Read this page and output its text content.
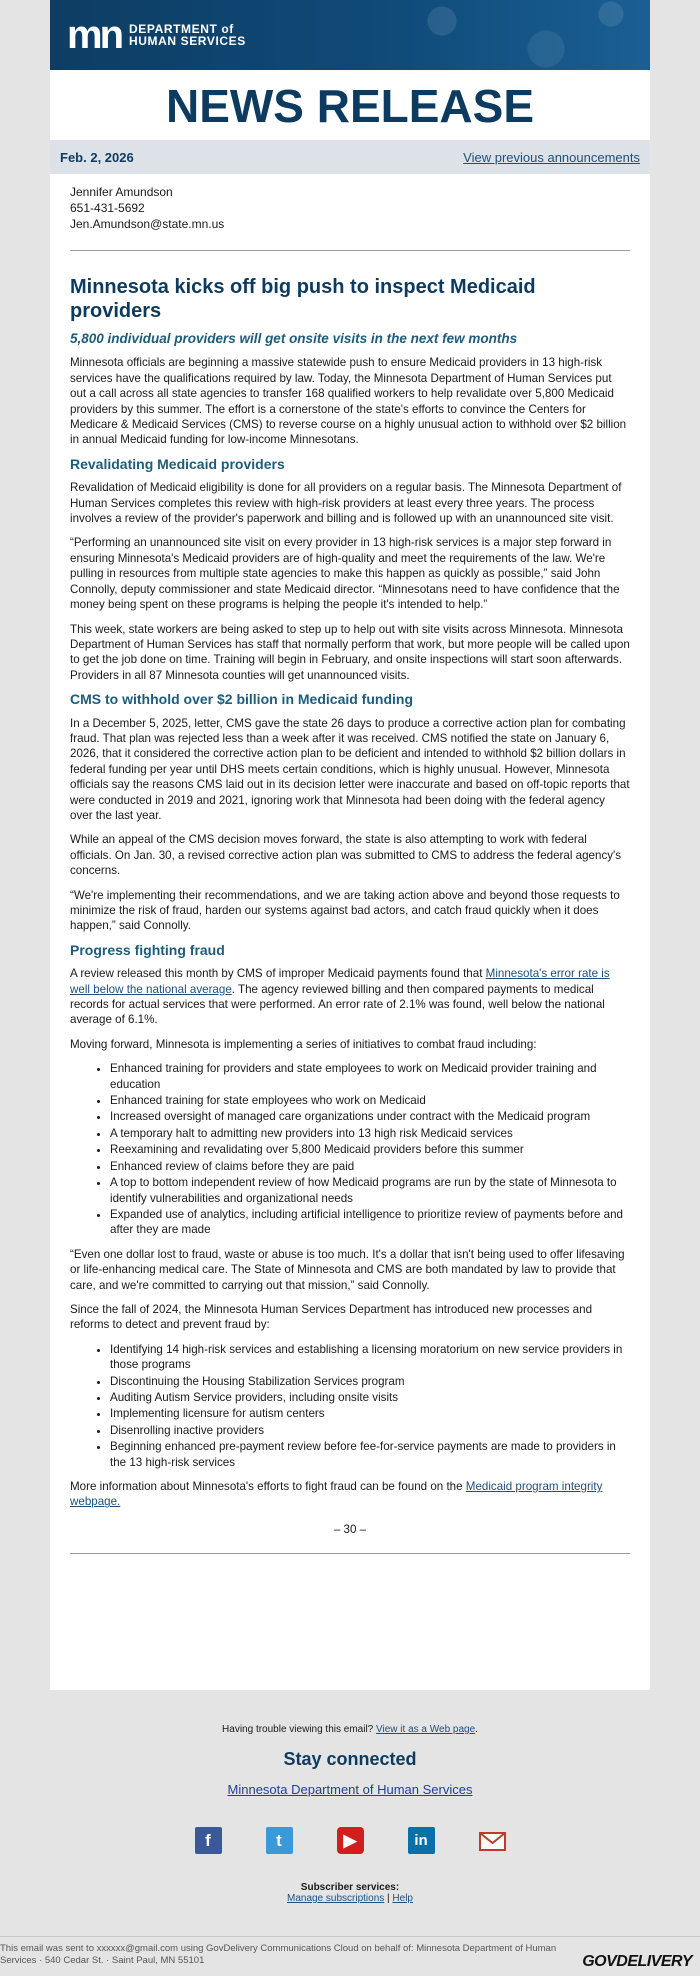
mn DEPARTMENT of
HUMAN SERVICES
NEWS RELEASE
Feb. 2, 2026	View previous announcements
Jennifer Amundson
651-431-5692
Jen.Amundson@state.mn.us
Minnesota kicks off big push to inspect Medicaid providers
5,800 individual providers will get onsite visits in the next few months

Minnesota officials are beginning a massive statewide push to ensure Medicaid providers in 13 high-risk services have the qualifications required by law. Today, the Minnesota Department of Human Services put out a call across all state agencies to transfer 168 qualified workers to help revalidate over 5,800 Medicaid providers by this summer. The effort is a cornerstone of the state's efforts to convince the Centers for Medicare & Medicaid Services (CMS) to reverse course on a highly unusual action to withhold over $2 billion in annual Medicaid funding for low-income Minnesotans.

Revalidating Medicaid providers

Revalidation of Medicaid eligibility is done for all providers on a regular basis. The Minnesota Department of Human Services completes this review with high-risk providers at least every three years. The process involves a review of the provider's paperwork and billing and is followed up with an unannounced site visit.

“Performing an unannounced site visit on every provider in 13 high-risk services is a major step forward in ensuring Minnesota's Medicaid providers are of high-quality and meet the requirements of the law. We're pulling in resources from multiple state agencies to make this happen as quickly as possible,” said John Connolly, deputy commissioner and state Medicaid director. “Minnesotans need to have confidence that the money being spent on these programs is helping the people it's intended to help.”

This week, state workers are being asked to step up to help out with site visits across Minnesota. Minnesota Department of Human Services has staff that normally perform that work, but more people will be called upon to get the job done on time. Training will begin in February, and onsite inspections will start soon afterwards. Providers in all 87 Minnesota counties will get unannounced visits.

CMS to withhold over $2 billion in Medicaid funding

In a December 5, 2025, letter, CMS gave the state 26 days to produce a corrective action plan for combating fraud. That plan was rejected less than a week after it was received. CMS notified the state on January 6, 2026, that it considered the corrective action plan to be deficient and intended to withhold $2 billion dollars in federal funding per year until DHS meets certain conditions, which is highly unusual. However, Minnesota officials say the reasons CMS laid out in its decision letter were inaccurate and based on off-topic reports that were conducted in 2019 and 2021, ignoring work that Minnesota had been doing with the federal agency over the last year.

While an appeal of the CMS decision moves forward, the state is also attempting to work with federal officials. On Jan. 30, a revised corrective action plan was submitted to CMS to address the federal agency's concerns.

“We're implementing their recommendations, and we are taking action above and beyond those requests to minimize the risk of fraud, harden our systems against bad actors, and catch fraud quickly when it does happen,” said Connolly.

Progress fighting fraud

A review released this month by CMS of improper Medicaid payments found that Minnesota's error rate is well below the national average. The agency reviewed billing and then compared payments to medical records for actual services that were performed. An error rate of 2.1% was found, well below the national average of 6.1%.

Moving forward, Minnesota is implementing a series of initiatives to combat fraud including:

• Enhanced training for providers and state employees to work on Medicaid provider training and education
• Enhanced training for state employees who work on Medicaid
• Increased oversight of managed care organizations under contract with the Medicaid program
• A temporary halt to admitting new providers into 13 high risk Medicaid services
• Reexamining and revalidating over 5,800 Medicaid providers before this summer
• Enhanced review of claims before they are paid
• A top to bottom independent review of how Medicaid programs are run by the state of Minnesota to identify vulnerabilities and organizational needs
• Expanded use of analytics, including artificial intelligence to prioritize review of payments before and after they are made

“Even one dollar lost to fraud, waste or abuse is too much. It's a dollar that isn't being used to offer lifesaving or life-enhancing medical care. The State of Minnesota and CMS are both mandated by law to provide that care, and we're committed to carrying out that mission,” said Connolly.

Since the fall of 2024, the Minnesota Human Services Department has introduced new processes and reforms to detect and prevent fraud by:

• Identifying 14 high-risk services and establishing a licensing moratorium on new service providers in those programs
• Discontinuing the Housing Stabilization Services program
• Auditing Autism Service providers, including onsite visits
• Implementing licensure for autism centers
• Disenrolling inactive providers
• Beginning enhanced pre-payment review before fee-for-service payments are made to providers in the 13 high-risk services

More information about Minnesota's efforts to fight fraud can be found on the Medicaid program integrity webpage.

– 30 –
Having trouble viewing this email? View it as a Web page.
Stay connected
Minnesota Department of Human Services
f	t	▶	in
Subscriber services:
Manage subscriptions | Help
This email was sent to xxxxxx@gmail.com using GovDelivery Communications Cloud on behalf of: Minnesota Department of Human Services · 540 Cedar St. · Saint Paul, MN 55101	GOVDELIVERY
